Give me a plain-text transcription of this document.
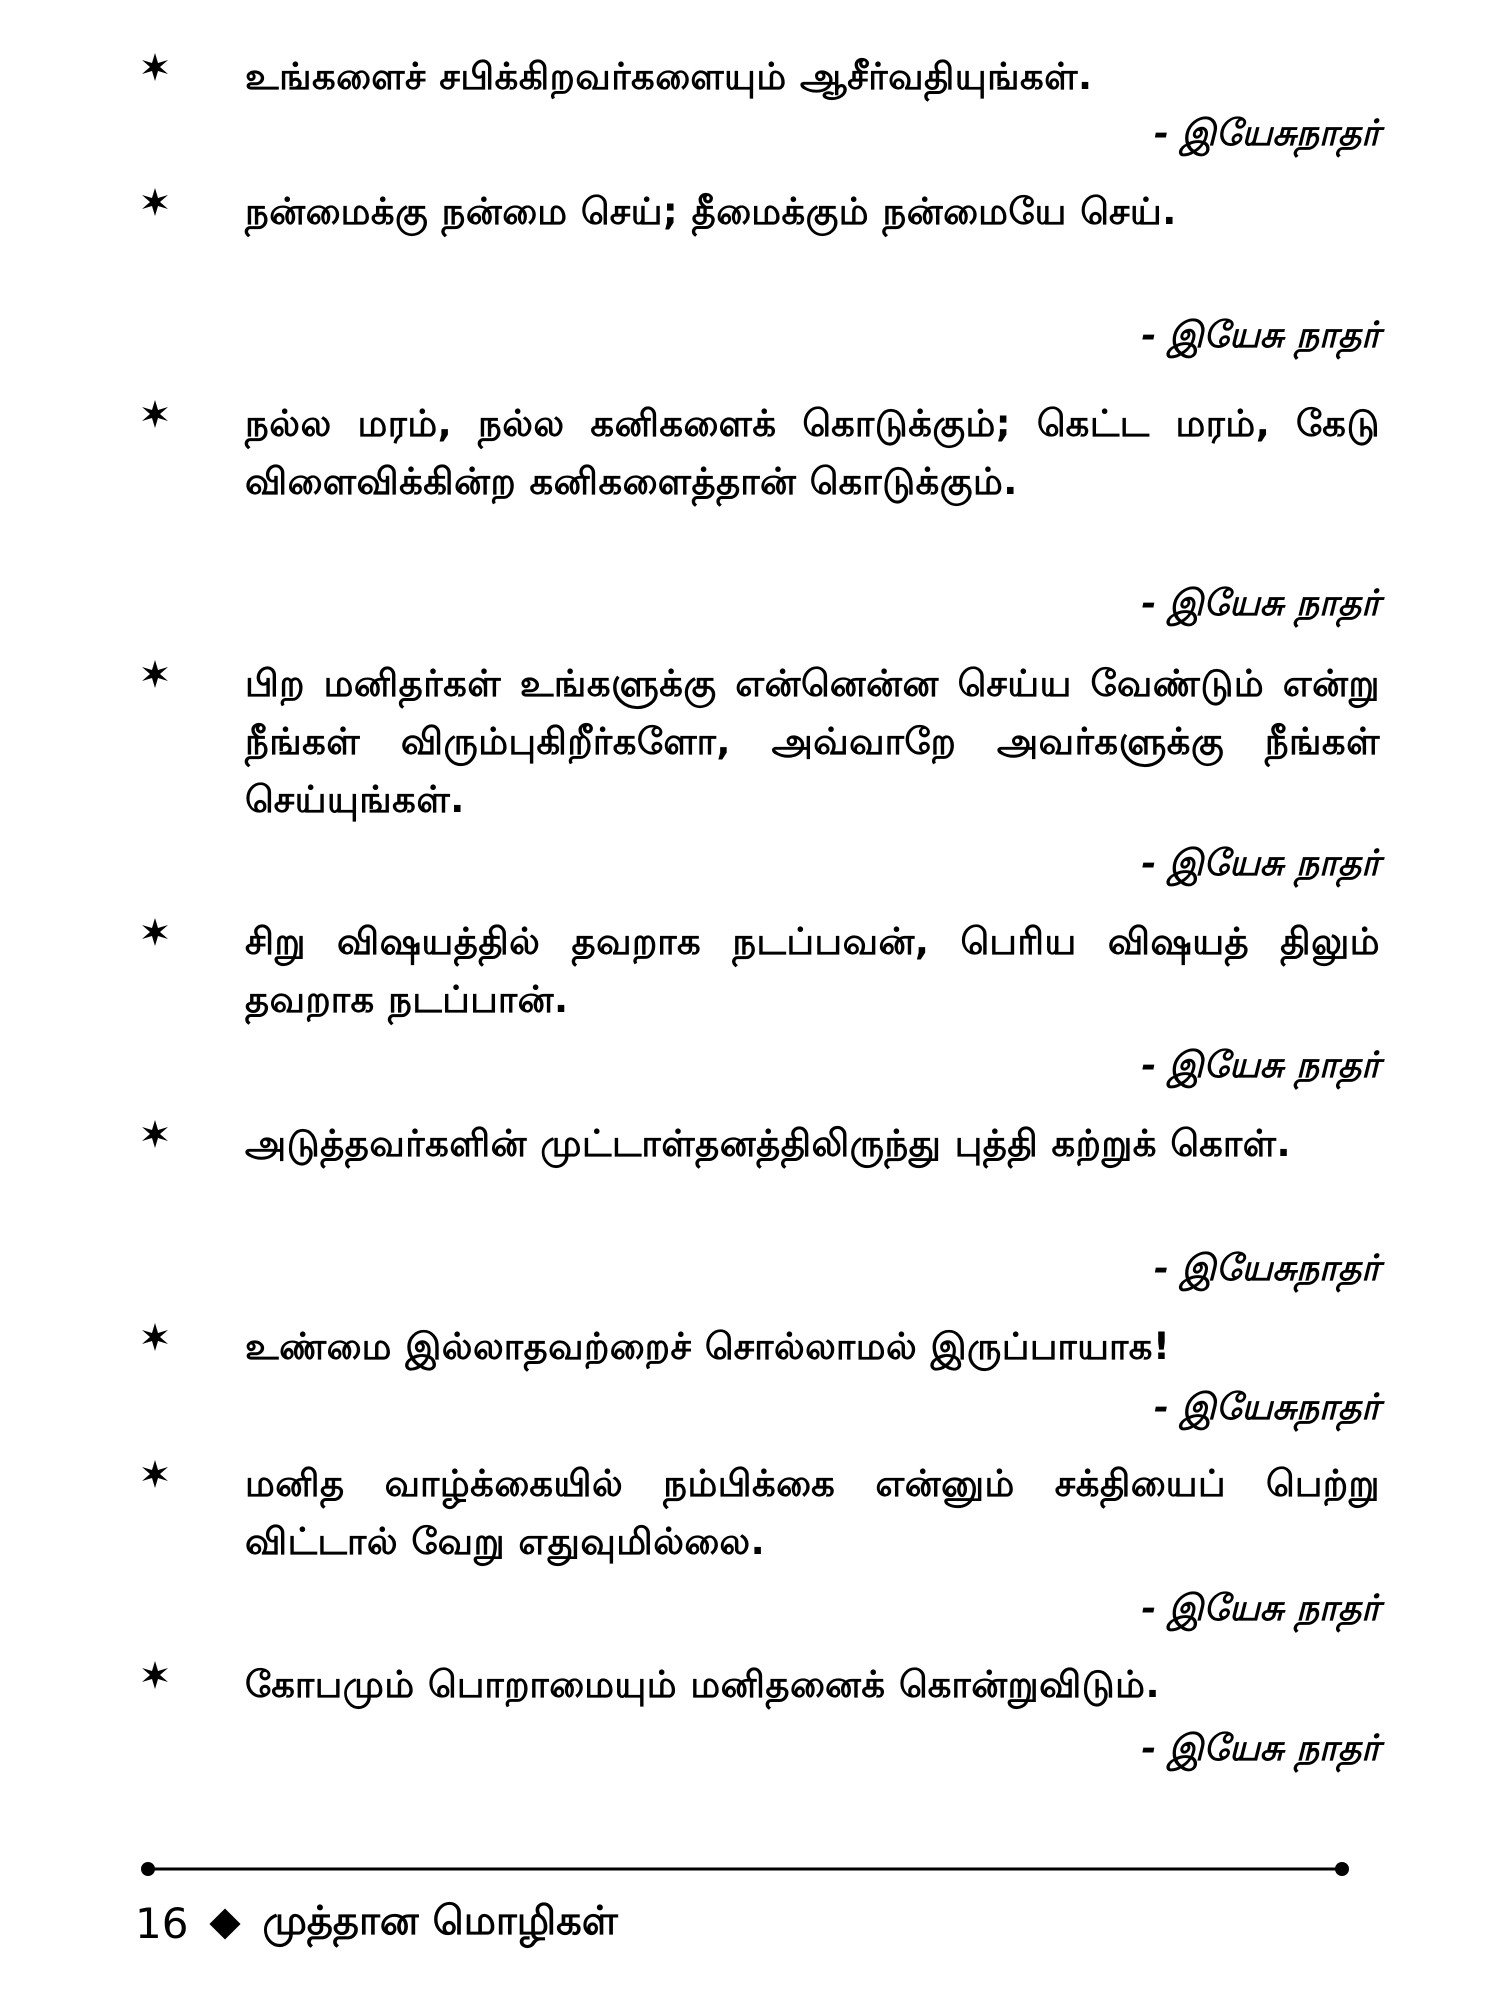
உங்களைச் சபிக்கிறவர்களையும் ஆசீர்வதியுங்கள்.
- இயேசுநாதர்
நன்மைக்கு நன்மை செய்; தீமைக்கும் நன்மையே செய்.
- இயேசு நாதர்
நல்ல மரம், நல்ல கனிகளைக் கொடுக்கும்; கெட்ட மரம், கேடு விளைவிக்கின்ற கனிகளைத்தான் கொடுக்கும்.
- இயேசு நாதர்
பிற மனிதர்கள் உங்களுக்கு என்னென்ன செய்ய வேண்டும் என்று நீங்கள் விரும்புகிறீர்களோ, அவ்வாறே அவர்களுக்கு நீங்கள் செய்யுங்கள்.
- இயேசு நாதர்
சிறு விஷயத்தில் தவறாக நடப்பவன், பெரிய விஷயத் திலும் தவறாக நடப்பான்.
- இயேசு நாதர்
அடுத்தவர்களின் முட்டாள்தனத்திலிருந்து புத்தி கற்றுக் கொள்.
- இயேசுநாதர்
உண்மை இல்லாதவற்றைச் சொல்லாமல் இருப்பாயாக!
- இயேசுநாதர்
மனித வாழ்க்கையில் நம்பிக்கை என்னும் சக்தியைப் பெற்று விட்டால் வேறு எதுவுமில்லை.
- இயேசு நாதர்
கோபமும் பொறாமையும் மனிதனைக் கொன்றுவிடும்.
- இயேசு நாதர்
16 முத்தான மொழிகள்
